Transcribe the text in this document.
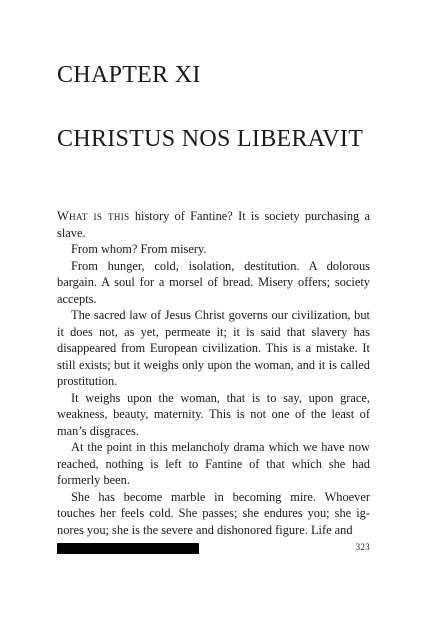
CHAPTER XI
CHRISTUS NOS LIBERAVIT

What is this history of Fantine? It is society purchasing a slave.

From whom? From misery.

From hunger, cold, isolation, destitution. A dolorous bargain. A soul for a morsel of bread. Misery offers; society accepts.

The sacred law of Jesus Christ governs our civilization, but it does not, as yet, permeate it; it is said that slavery has disappeared from European civilization. This is a mistake. It still exists; but it weighs only upon the woman, and it is called prostitution.

It weighs upon the woman, that is to say, upon grace, weakness, beauty, maternity. This is not one of the least of man’s disgraces.

At the point in this melancholy drama which we have now reached, nothing is left to Fantine of that which she had formerly been.

She has become marble in becoming mire. Whoever touches her feels cold. She passes; she endures you; she ignores you; she is the severe and dishonored figure. Life and

323
